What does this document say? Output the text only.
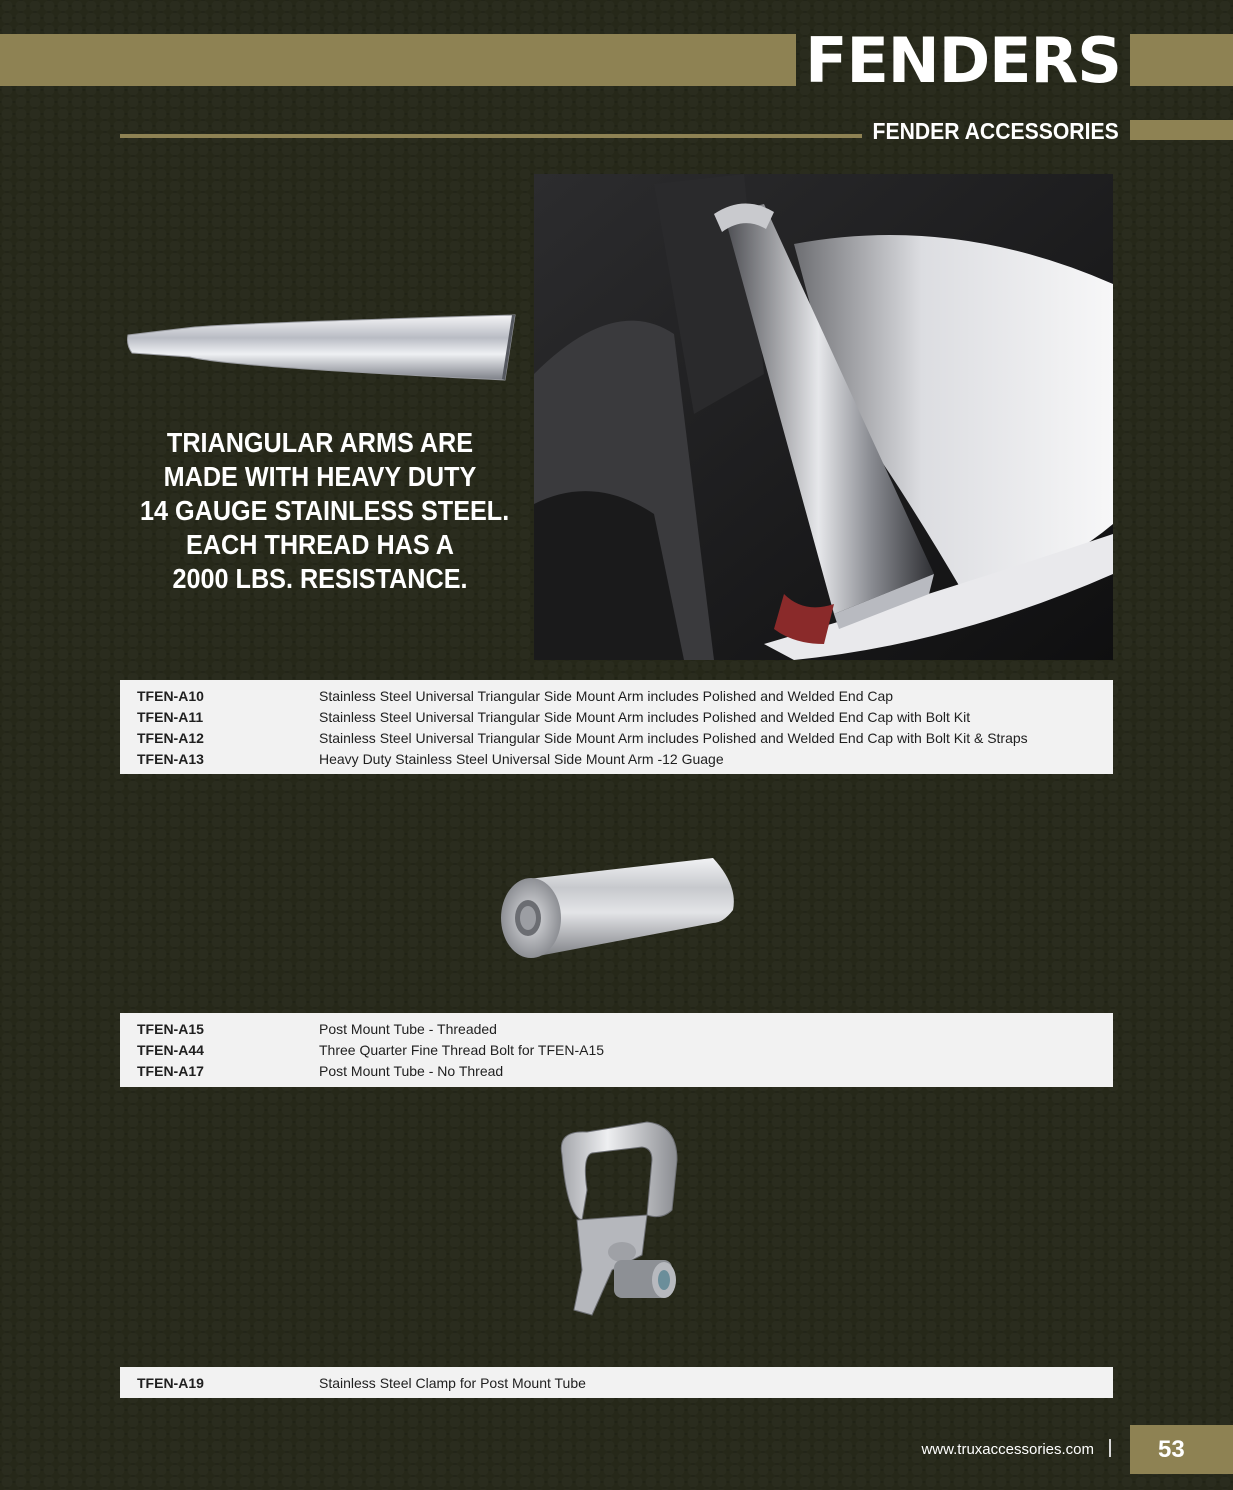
FENDERS
FENDER ACCESSORIES
TRIANGULAR ARMS ARE
MADE WITH HEAVY DUTY
14 GAUGE STAINLESS STEEL.
EACH THREAD HAS A
2000 LBS. RESISTANCE.
TFEN-A10	Stainless Steel Universal Triangular Side Mount Arm includes Polished and Welded End Cap
TFEN-A11	Stainless Steel Universal Triangular Side Mount Arm includes Polished and Welded End Cap with Bolt Kit
TFEN-A12	Stainless Steel Universal Triangular Side Mount Arm includes Polished and Welded End Cap with Bolt Kit & Straps
TFEN-A13	Heavy Duty Stainless Steel Universal Side Mount Arm -12 Guage
TFEN-A15	Post Mount Tube - Threaded
TFEN-A44	Three Quarter Fine Thread Bolt for TFEN-A15
TFEN-A17	Post Mount Tube - No Thread
TFEN-A19	Stainless Steel Clamp for Post Mount Tube
www.truxaccessories.com	53
